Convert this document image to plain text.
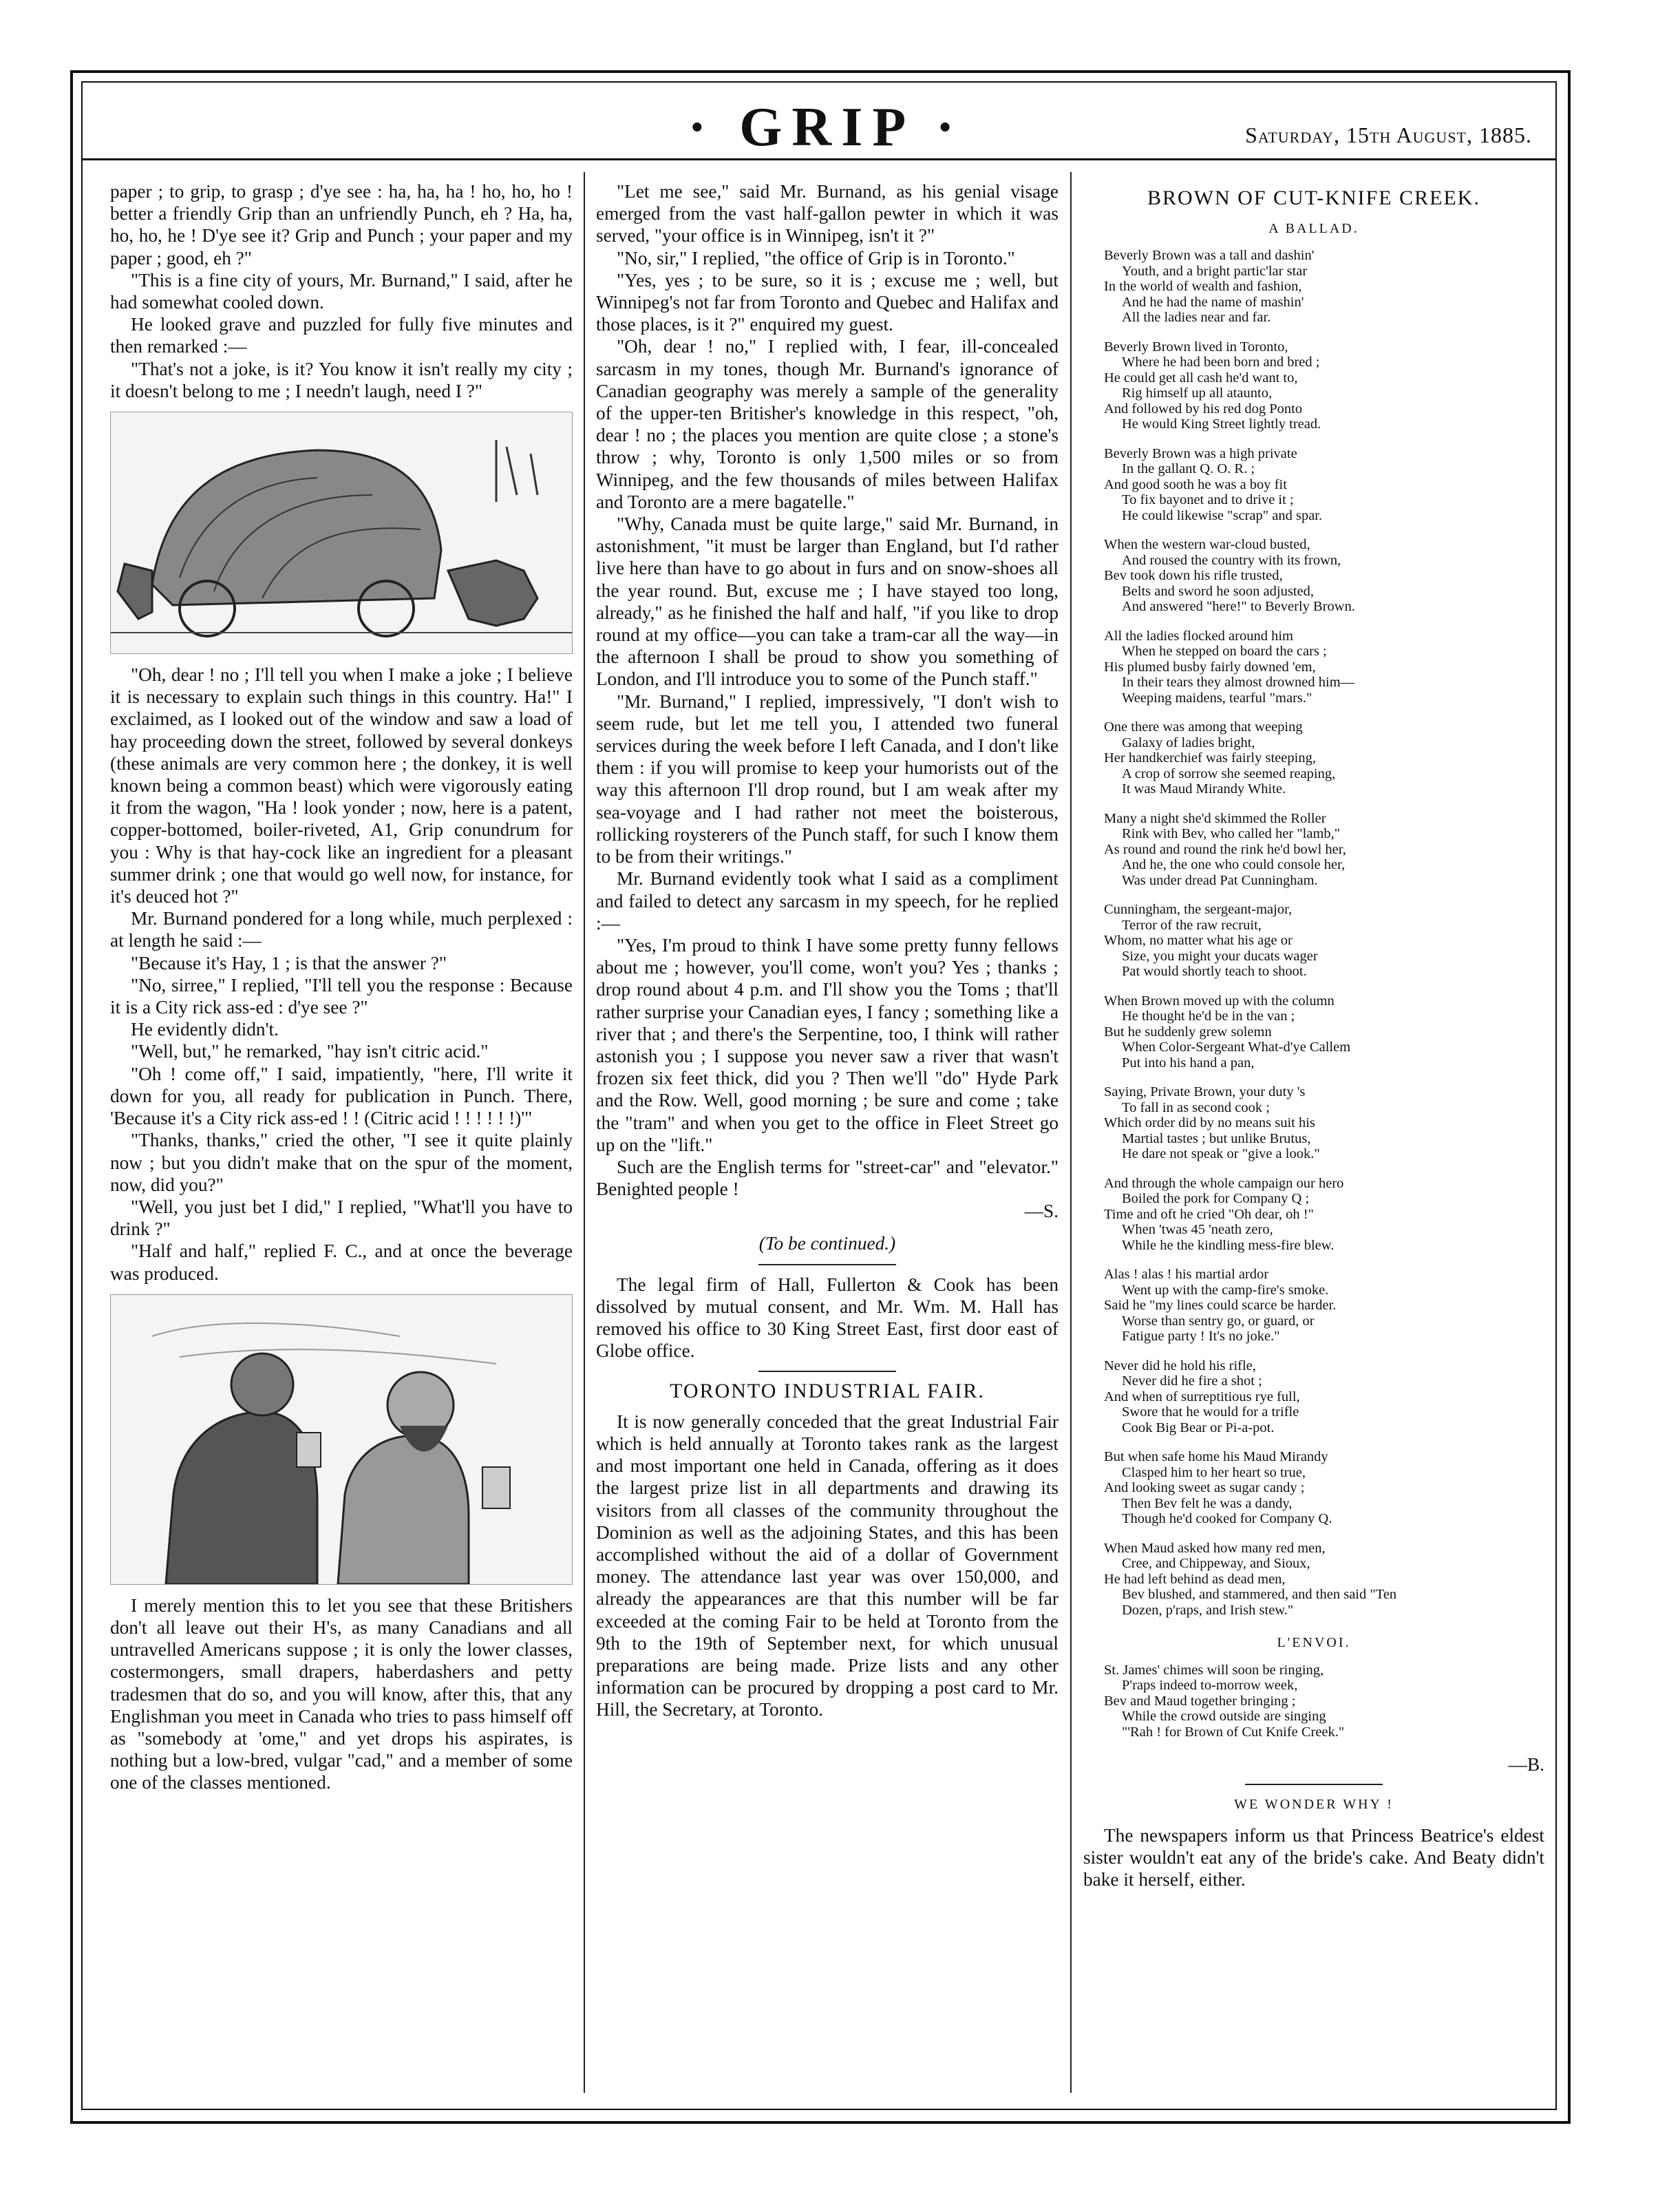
· GRIP ·	Saturday, 15th August, 1885.

paper ; to grip, to grasp ; d'ye see : ha, ha, ha ! ho, ho, ho ! better a friendly Grip than an unfriendly Punch, eh ? Ha, ha, ho, ho, he ! D'ye see it? Grip and Punch ; your paper and my paper ; good, eh ?"

"This is a fine city of yours, Mr. Burnand," I said, after he had somewhat cooled down.

He looked grave and puzzled for fully five minutes and then remarked :—

"That's not a joke, is it? You know it isn't really my city ; it doesn't belong to me ; I needn't laugh, need I ?"

"Oh, dear ! no ; I'll tell you when I make a joke ; I believe it is necessary to explain such things in this country. Ha!" I exclaimed, as I looked out of the window and saw a load of hay proceeding down the street, followed by several donkeys (these animals are very common here ; the donkey, it is well known being a common beast) which were vigorously eating it from the wagon, "Ha ! look yonder ; now, here is a patent, copper-bottomed, boiler-riveted, A1, Grip conundrum for you : Why is that hay-cock like an ingredient for a pleasant summer drink ; one that would go well now, for instance, for it's deuced hot ?"

Mr. Burnand pondered for a long while, much perplexed : at length he said :—

"Because it's Hay, 1 ; is that the answer ?"

"No, sirree," I replied, "I'll tell you the response : Because it is a City rick ass-ed : d'ye see ?"

He evidently didn't.

"Well, but," he remarked, "hay isn't citric acid."

"Oh ! come off," I said, impatiently, "here, I'll write it down for you, all ready for publication in Punch. There, 'Because it's a City rick ass-ed ! ! (Citric acid ! ! ! ! ! !)'"

"Thanks, thanks," cried the other, "I see it quite plainly now ; but you didn't make that on the spur of the moment, now, did you?"

"Well, you just bet I did," I replied, "What'll you have to drink ?"

"Half and half," replied F. C., and at once the beverage was produced.

I merely mention this to let you see that these Britishers don't all leave out their H's, as many Canadians and all untravelled Americans suppose ; it is only the lower classes, costermongers, small drapers, haberdashers and petty tradesmen that do so, and you will know, after this, that any Englishman you meet in Canada who tries to pass himself off as "somebody at 'ome," and yet drops his aspirates, is nothing but a low-bred, vulgar "cad," and a member of some one of the classes mentioned.

"Let me see," said Mr. Burnand, as his genial visage emerged from the vast half-gallon pewter in which it was served, "your office is in Winnipeg, isn't it ?"

"No, sir," I replied, "the office of Grip is in Toronto."

"Yes, yes ; to be sure, so it is ; excuse me ; well, but Winnipeg's not far from Toronto and Quebec and Halifax and those places, is it ?" enquired my guest.

"Oh, dear ! no," I replied with, I fear, ill-concealed sarcasm in my tones, though Mr. Burnand's ignorance of Canadian geography was merely a sample of the generality of the upper-ten Britisher's knowledge in this respect, "oh, dear ! no ; the places you mention are quite close ; a stone's throw ; why, Toronto is only 1,500 miles or so from Winnipeg, and the few thousands of miles between Halifax and Toronto are a mere bagatelle."

"Why, Canada must be quite large," said Mr. Burnand, in astonishment, "it must be larger than England, but I'd rather live here than have to go about in furs and on snow-shoes all the year round. But, excuse me ; I have stayed too long, already," as he finished the half and half, "if you like to drop round at my office—you can take a tram-car all the way—in the afternoon I shall be proud to show you something of London, and I'll introduce you to some of the Punch staff."

"Mr. Burnand," I replied, impressively, "I don't wish to seem rude, but let me tell you, I attended two funeral services during the week before I left Canada, and I don't like them : if you will promise to keep your humorists out of the way this afternoon I'll drop round, but I am weak after my sea-voyage and I had rather not meet the boisterous, rollicking roysterers of the Punch staff, for such I know them to be from their writings."

Mr. Burnand evidently took what I said as a compliment and failed to detect any sarcasm in my speech, for he replied :—

"Yes, I'm proud to think I have some pretty funny fellows about me ; however, you'll come, won't you? Yes ; thanks ; drop round about 4 p.m. and I'll show you the Toms ; that'll rather surprise your Canadian eyes, I fancy ; something like a river that ; and there's the Serpentine, too, I think will rather astonish you ; I suppose you never saw a river that wasn't frozen six feet thick, did you ? Then we'll "do" Hyde Park and the Row. Well, good morning ; be sure and come ; take the "tram" and when you get to the office in Fleet Street go up on the "lift."

Such are the English terms for "street-car" and "elevator." Benighted people !

—S.

(To be continued.)

The legal firm of Hall, Fullerton & Cook has been dissolved by mutual consent, and Mr. Wm. M. Hall has removed his office to 30 King Street East, first door east of Globe office.

TORONTO INDUSTRIAL FAIR.

It is now generally conceded that the great Industrial Fair which is held annually at Toronto takes rank as the largest and most important one held in Canada, offering as it does the largest prize list in all departments and drawing its visitors from all classes of the community throughout the Dominion as well as the adjoining States, and this has been accomplished without the aid of a dollar of Government money. The attendance last year was over 150,000, and already the appearances are that this number will be far exceeded at the coming Fair to be held at Toronto from the 9th to the 19th of September next, for which unusual preparations are being made. Prize lists and any other information can be procured by dropping a post card to Mr. Hill, the Secretary, at Toronto.

BROWN OF CUT-KNIFE CREEK.
A BALLAD.
Beverly Brown was a tall and dashin'
Youth, and a bright partic'lar star
In the world of wealth and fashion,
And he had the name of mashin'
All the ladies near and far.
Beverly Brown lived in Toronto,
Where he had been born and bred ;
He could get all cash he'd want to,
Rig himself up all ataunto,
And followed by his red dog Ponto
He would King Street lightly tread.
Beverly Brown was a high private
In the gallant Q. O. R. ;
And good sooth he was a boy fit
To fix bayonet and to drive it ;
He could likewise "scrap" and spar.
When the western war-cloud busted,
And roused the country with its frown,
Bev took down his rifle trusted,
Belts and sword he soon adjusted,
And answered "here!" to Beverly Brown.
All the ladies flocked around him
When he stepped on board the cars ;
His plumed busby fairly downed 'em,
In their tears they almost drowned him—
Weeping maidens, tearful "mars."
One there was among that weeping
Galaxy of ladies bright,
Her handkerchief was fairly steeping,
A crop of sorrow she seemed reaping,
It was Maud Mirandy White.
Many a night she'd skimmed the Roller
Rink with Bev, who called her "lamb,"
As round and round the rink he'd bowl her,
And he, the one who could console her,
Was under dread Pat Cunningham.
Cunningham, the sergeant-major,
Terror of the raw recruit,
Whom, no matter what his age or
Size, you might your ducats wager
Pat would shortly teach to shoot.
When Brown moved up with the column
He thought he'd be in the van ;
But he suddenly grew solemn
When Color-Sergeant What-d'ye Callem
Put into his hand a pan,
Saying, Private Brown, your duty 's
To fall in as second cook ;
Which order did by no means suit his
Martial tastes ; but unlike Brutus,
He dare not speak or "give a look."
And through the whole campaign our hero
Boiled the pork for Company Q ;
Time and oft he cried "Oh dear, oh !"
When 'twas 45 'neath zero,
While he the kindling mess-fire blew.
Alas ! alas ! his martial ardor
Went up with the camp-fire's smoke.
Said he "my lines could scarce be harder.
Worse than sentry go, or guard, or
Fatigue party ! It's no joke."
Never did he hold his rifle,
Never did he fire a shot ;
And when of surreptitious rye full,
Swore that he would for a trifle
Cook Big Bear or Pi-a-pot.
But when safe home his Maud Mirandy
Clasped him to her heart so true,
And looking sweet as sugar candy ;
Then Bev felt he was a dandy,
Though he'd cooked for Company Q.
When Maud asked how many red men,
Cree, and Chippeway, and Sioux,
He had left behind as dead men,
Bev blushed, and stammered, and then said "Ten
Dozen, p'raps, and Irish stew."
L'ENVOI.
St. James' chimes will soon be ringing,
P'raps indeed to-morrow week,
Bev and Maud together bringing ;
While the crowd outside are singing
"'Rah ! for Brown of Cut Knife Creek."

—B.

WE WONDER WHY !

The newspapers inform us that Princess Beatrice's eldest sister wouldn't eat any of the bride's cake. And Beaty didn't bake it herself, either.
